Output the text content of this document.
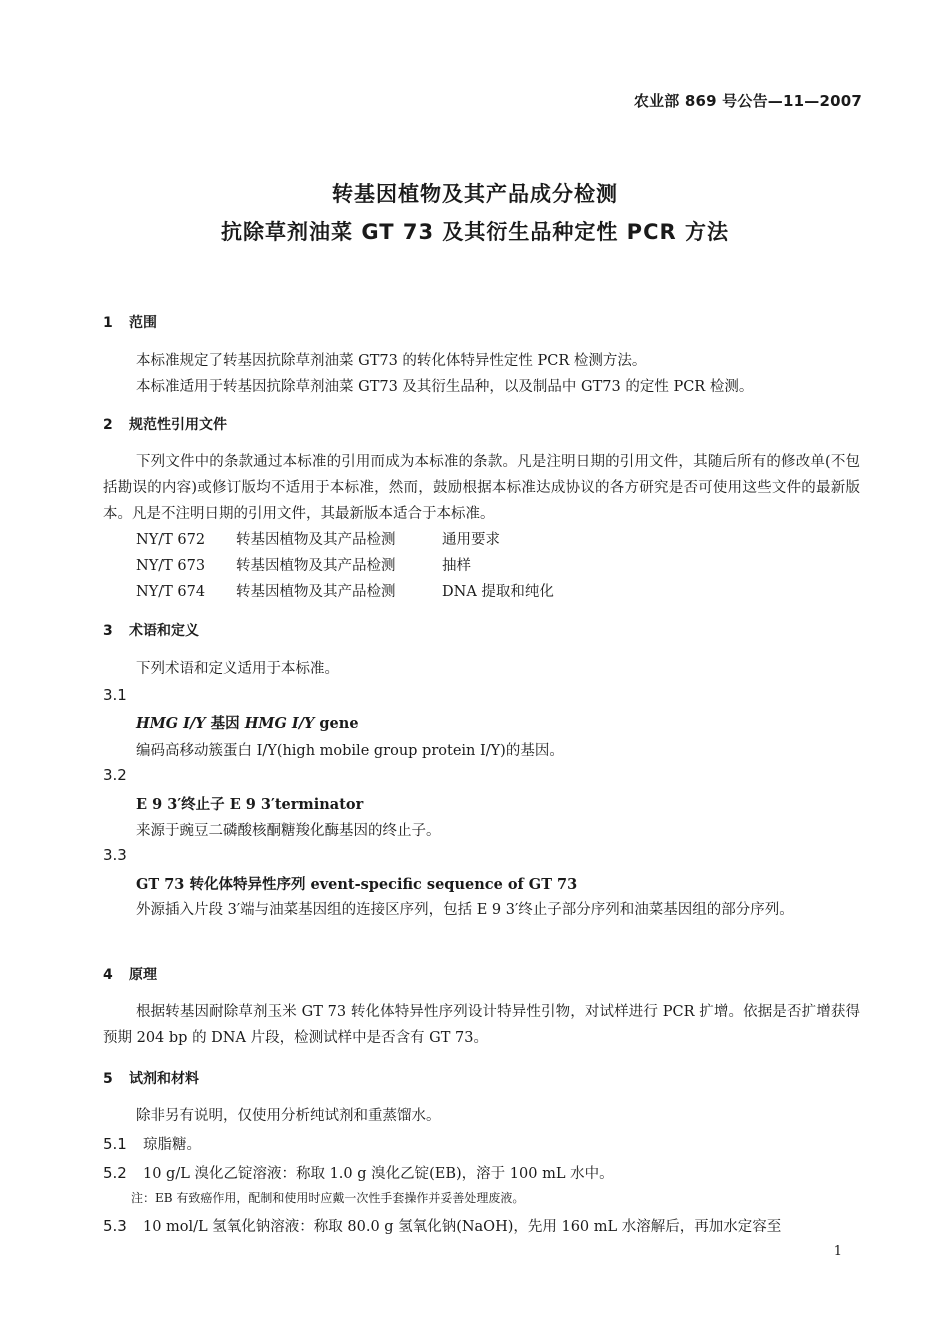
农业部 869 号公告—11—2007
转基因植物及其产品成分检测
抗除草剂油菜 GT 73 及其衍生品种定性 PCR 方法
1 范围
本标准规定了转基因抗除草剂油菜 GT73 的转化体特异性定性 PCR 检测方法。
本标准适用于转基因抗除草剂油菜 GT73 及其衍生品种，以及制品中 GT73 的定性 PCR 检测。
2 规范性引用文件
下列文件中的条款通过本标准的引用而成为本标准的条款。凡是注明日期的引用文件，其随后所有的修改单(不包括勘误的内容)或修订版均不适用于本标准，然而，鼓励根据本标准达成协议的各方研究是否可使用这些文件的最新版本。凡是不注明日期的引用文件，其最新版本适合于本标准。
NY/T 672 转基因植物及其产品检测	通用要求
NY/T 673 转基因植物及其产品检测	抽样
NY/T 674 转基因植物及其产品检测	DNA 提取和纯化
3 术语和定义
下列术语和定义适用于本标准。
3.1
HMG I/Y 基因 HMG I/Y gene
编码高移动簇蛋白 I/Y(high mobile group protein I/Y)的基因。
3.2
E 9 3′终止子 E 9 3′terminator
来源于豌豆二磷酸核酮糖羧化酶基因的终止子。
3.3
GT 73 转化体特异性序列 event-specific sequence of GT 73
外源插入片段 3′端与油菜基因组的连接区序列，包括 E 9 3′终止子部分序列和油菜基因组的部分序列。
4 原理
根据转基因耐除草剂玉米 GT 73 转化体特异性序列设计特异性引物，对试样进行 PCR 扩增。依据是否扩增获得预期 204 bp 的 DNA 片段，检测试样中是否含有 GT 73。
5 试剂和材料
除非另有说明，仅使用分析纯试剂和重蒸馏水。
5.1 琼脂糖。
5.2 10 g/L 溴化乙锭溶液：称取 1.0 g 溴化乙锭(EB)，溶于 100 mL 水中。
注：EB 有致癌作用，配制和使用时应戴一次性手套操作并妥善处理废液。
5.3 10 mol/L 氢氧化钠溶液：称取 80.0 g 氢氧化钠(NaOH)，先用 160 mL 水溶解后，再加水定容至
1
